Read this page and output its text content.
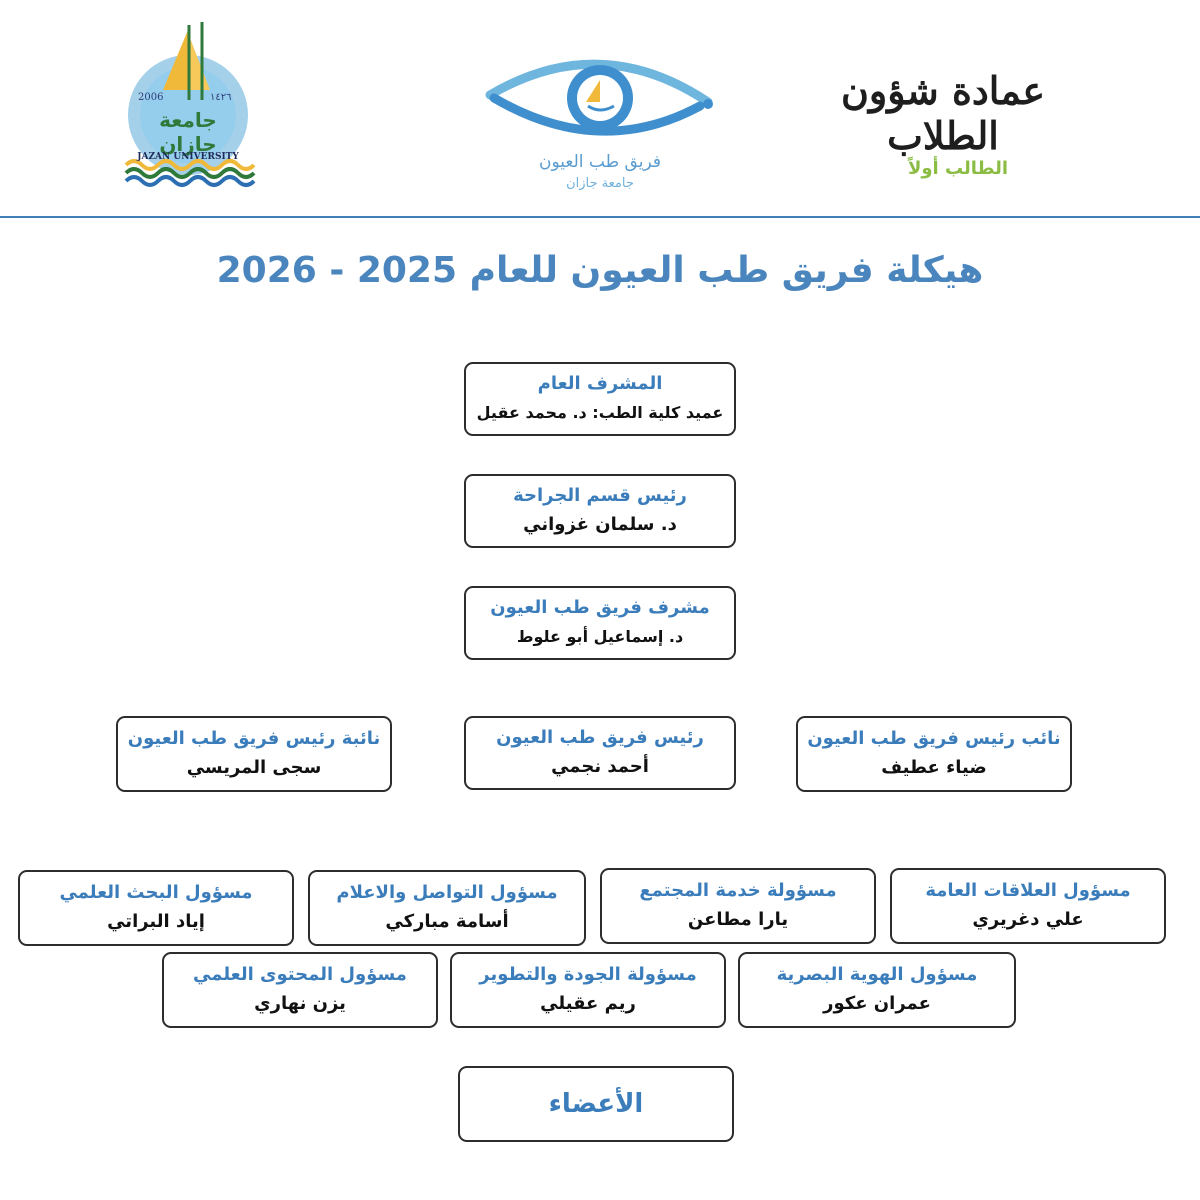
2006	١٤٢٦
جامعة جازان
JAZAN UNIVERSITY	فريق طب العيون
جامعة جازان
عمادة شؤون الطلاب
الطالب أولاً
هيكلة فريق طب العيون للعام 2025 - 2026
المشرف العام
عميد كلية الطب: د. محمد عقيل
رئيس قسم الجراحة
د. سلمان غزواني
مشرف فريق طب العيون
د. إسماعيل أبو علوط
نائبة رئيس فريق طب العيون
سجى المريسي
رئيس فريق طب العيون
أحمد نجمي
نائب رئيس فريق طب العيون
ضياء عطيف
مسؤول البحث العلمي
إياد البراتي
مسؤول التواصل والاعلام
أسامة مباركي
مسؤولة خدمة المجتمع
يارا مطاعن
مسؤول العلاقات العامة
علي دغريري
مسؤول المحتوى العلمي
يزن نهاري
مسؤولة الجودة والتطوير
ريم عقيلي
مسؤول الهوية البصرية
عمران عكور
الأعضاء
